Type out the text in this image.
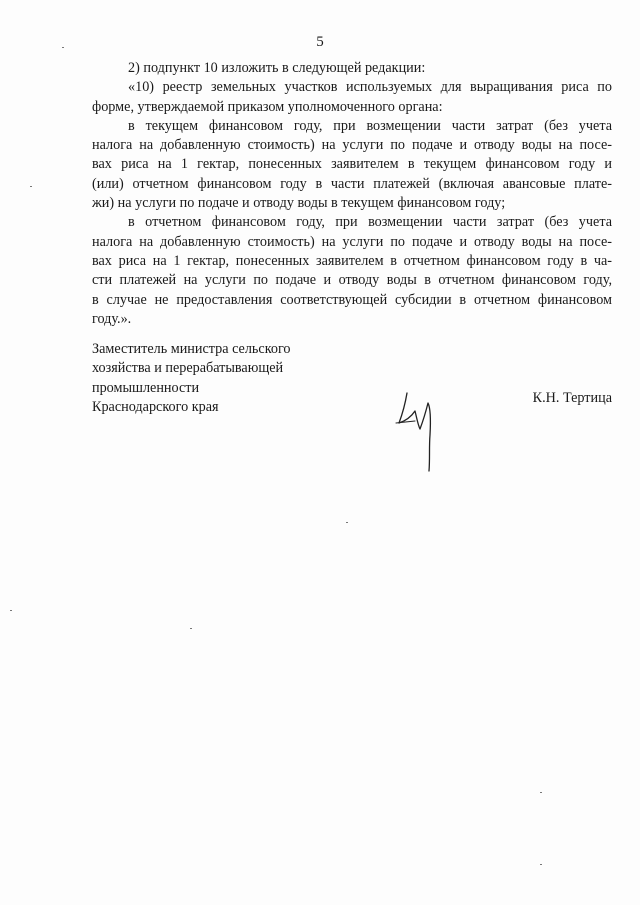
5
2) подпункт 10 изложить в следующей редакции:
«10) реестр земельных участков используемых для выращивания риса по
форме, утверждаемой приказом уполномоченного органа:
в текущем финансовом году, при возмещении части затрат (без учета
налога на добавленную стоимость) на услуги по подаче и отводу воды на посе-
вах риса на 1 гектар, понесенных заявителем в текущем финансовом году и
(или) отчетном финансовом году в части платежей (включая авансовые плате-
жи) на услуги по подаче и отводу воды в текущем финансовом году;
в отчетном финансовом году, при возмещении части затрат (без учета
налога на добавленную стоимость) на услуги по подаче и отводу воды на посе-
вах риса на 1 гектар, понесенных заявителем в отчетном финансовом году в ча-
сти платежей на услуги по подаче и отводу воды в отчетном финансовом году,
в случае не предоставления соответствующей субсидии в отчетном финансовом
году.».
Заместитель министра сельского
хозяйства и перерабатывающей
промышленности
Краснодарского края
К.Н. Тертица
